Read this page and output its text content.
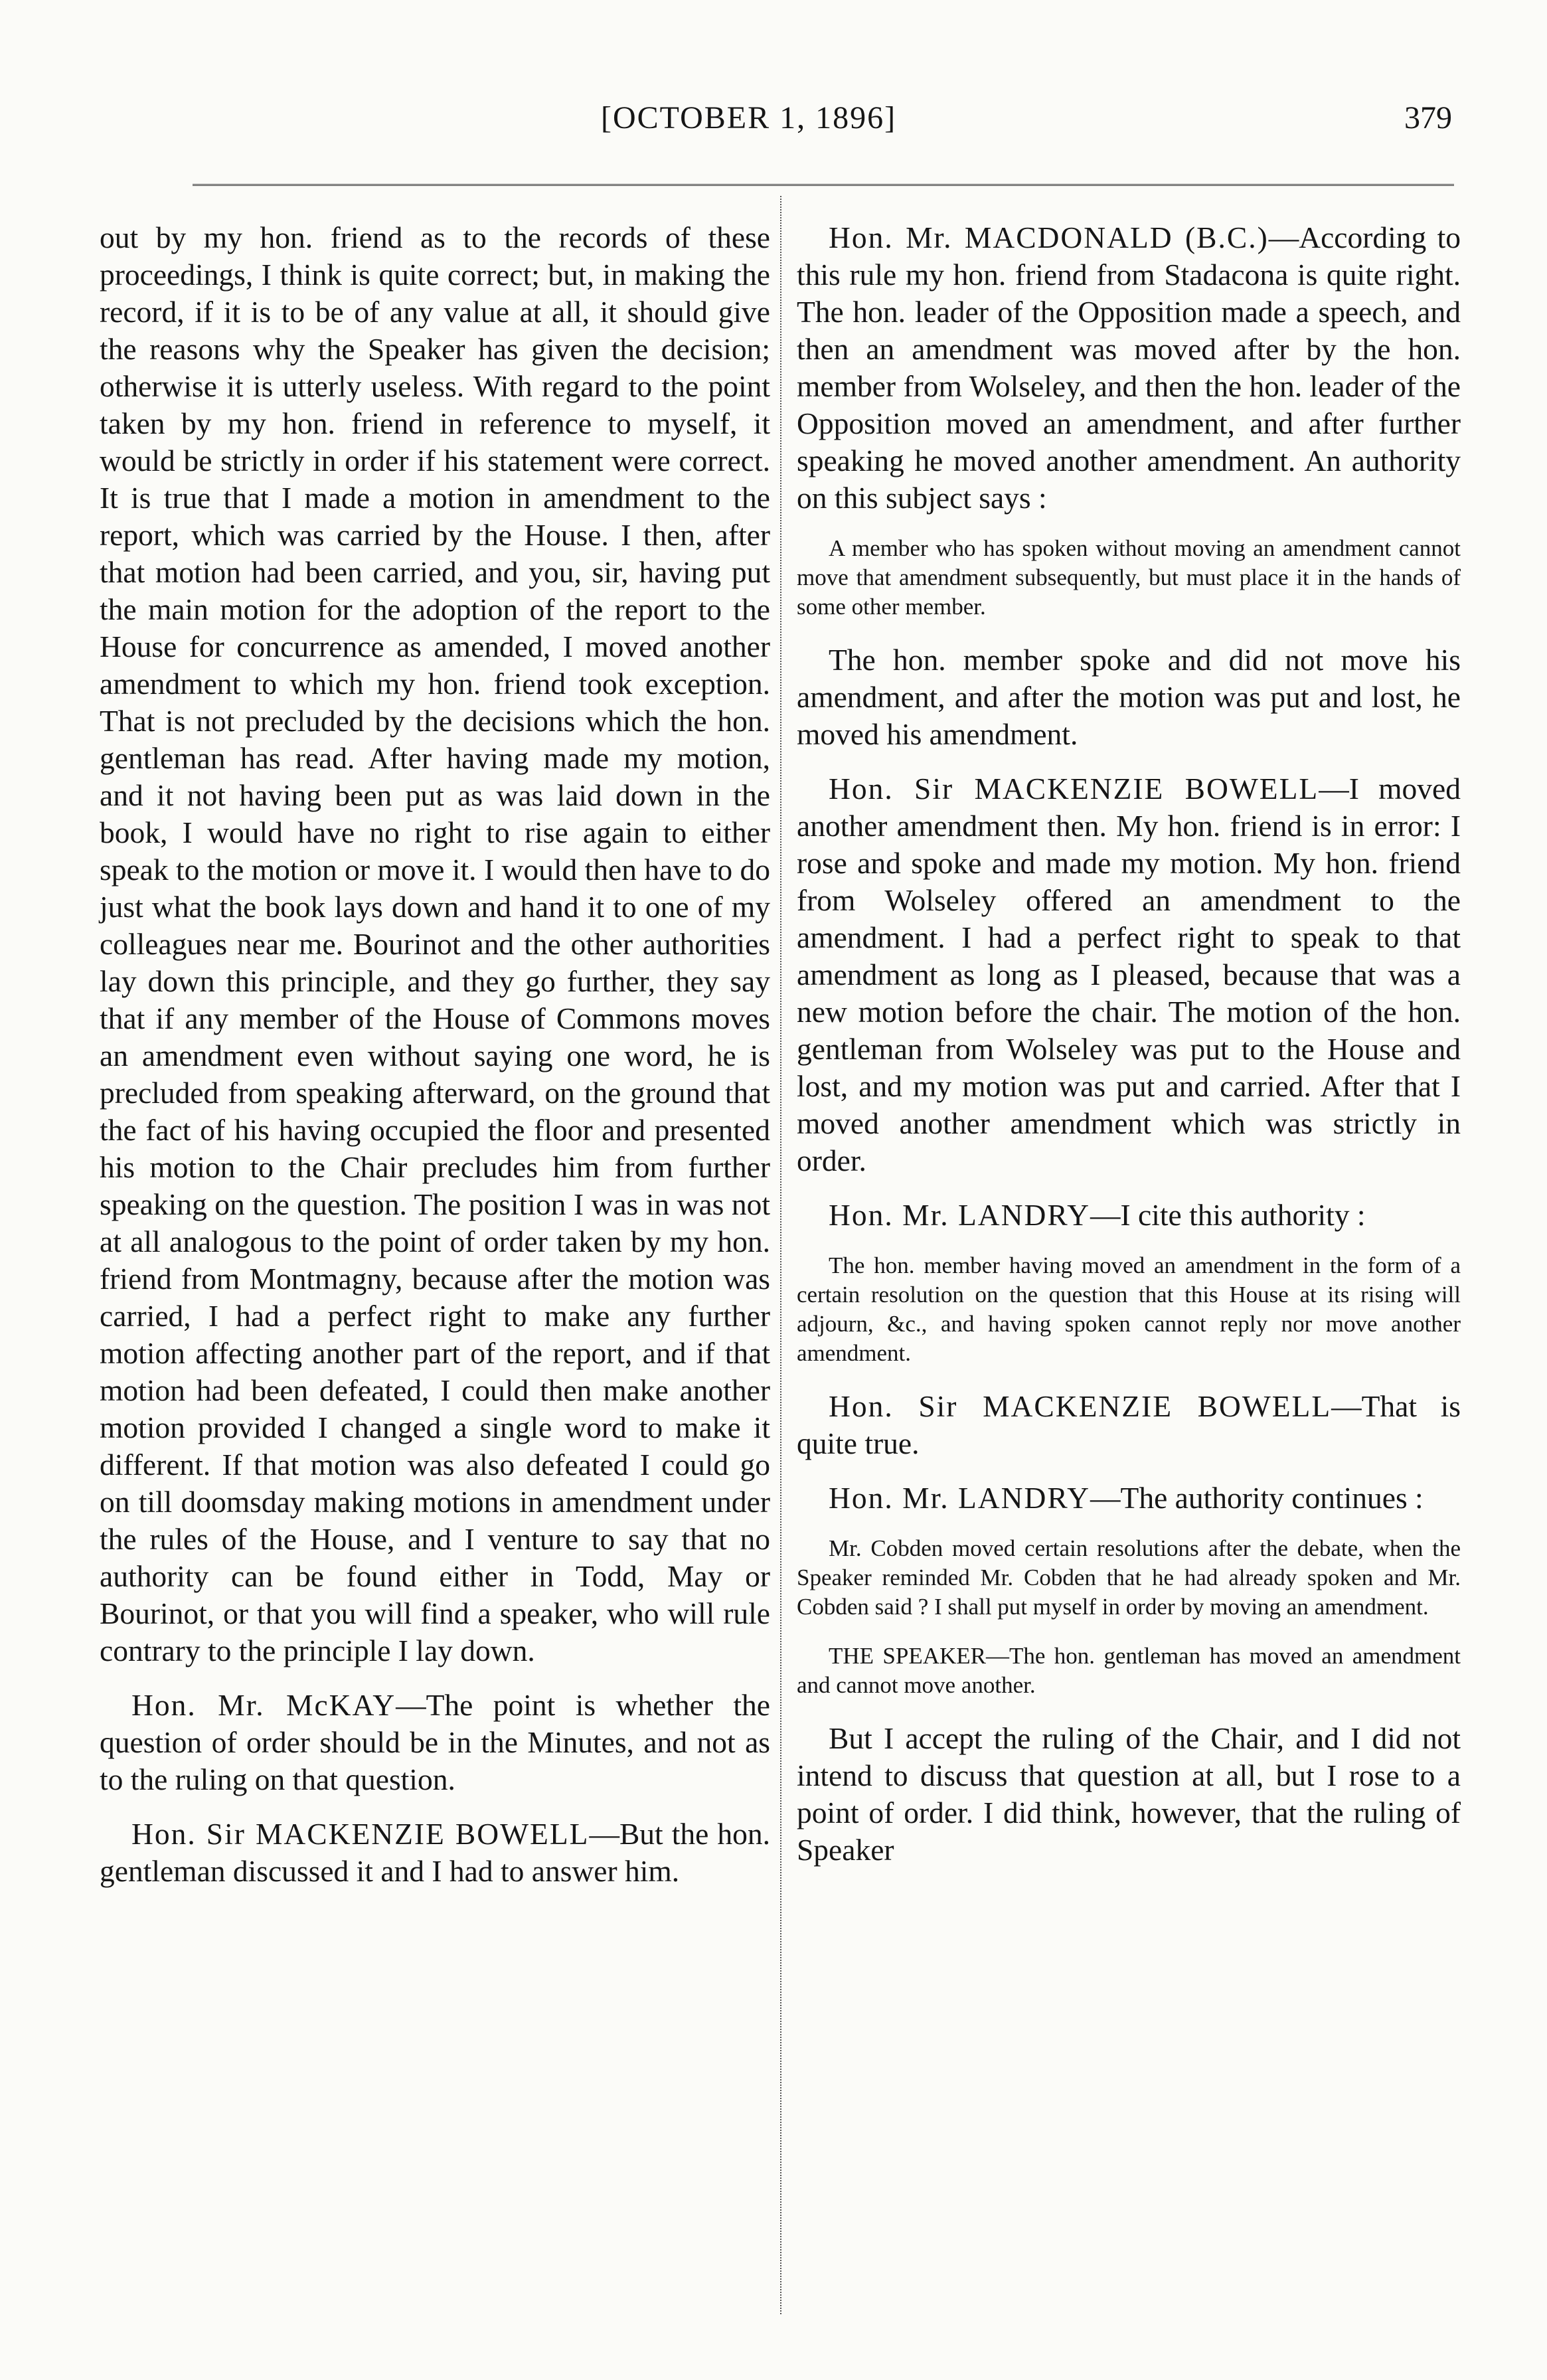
[OCTOBER 1, 1896]	379

out by my hon. friend as to the records of these proceedings, I think is quite correct; but, in making the record, if it is to be of any value at all, it should give the reasons why the Speaker has given the decision; otherwise it is utterly useless. With regard to the point taken by my hon. friend in reference to myself, it would be strictly in order if his statement were correct. It is true that I made a motion in amendment to the report, which was carried by the House. I then, after that motion had been carried, and you, sir, having put the main motion for the adoption of the report to the House for concurrence as amended, I moved another amendment to which my hon. friend took exception. That is not precluded by the decisions which the hon. gentleman has read. After having made my motion, and it not having been put as was laid down in the book, I would have no right to rise again to either speak to the motion or move it. I would then have to do just what the book lays down and hand it to one of my colleagues near me. Bourinot and the other authorities lay down this principle, and they go further, they say that if any member of the House of Commons moves an amendment even without saying one word, he is precluded from speaking afterward, on the ground that the fact of his having occupied the floor and presented his motion to the Chair precludes him from further speaking on the question. The position I was in was not at all analogous to the point of order taken by my hon. friend from Montmagny, because after the motion was carried, I had a perfect right to make any further motion affecting another part of the report, and if that motion had been defeated, I could then make another motion provided I changed a single word to make it different. If that motion was also defeated I could go on till doomsday making motions in amendment under the rules of the House, and I venture to say that no authority can be found either in Todd, May or Bourinot, or that you will find a speaker, who will rule contrary to the principle I lay down.

Hon. Mr. McKAY—The point is whether the question of order should be in the Minutes, and not as to the ruling on that question.

Hon. Sir MACKENZIE BOWELL—But the hon. gentleman discussed it and I had to answer him.

Hon. Mr. MACDONALD (B.C.)—According to this rule my hon. friend from Stadacona is quite right. The hon. leader of the Opposition made a speech, and then an amendment was moved after by the hon. member from Wolseley, and then the hon. leader of the Opposition moved an amendment, and after further speaking he moved another amendment. An authority on this subject says :

A member who has spoken without moving an amendment cannot move that amendment subsequently, but must place it in the hands of some other member.

The hon. member spoke and did not move his amendment, and after the motion was put and lost, he moved his amendment.

Hon. Sir MACKENZIE BOWELL—I moved another amendment then. My hon. friend is in error: I rose and spoke and made my motion. My hon. friend from Wolseley offered an amendment to the amendment. I had a perfect right to speak to that amendment as long as I pleased, because that was a new motion before the chair. The motion of the hon. gentleman from Wolseley was put to the House and lost, and my motion was put and carried. After that I moved another amendment which was strictly in order.

Hon. Mr. LANDRY—I cite this authority :

The hon. member having moved an amendment in the form of a certain resolution on the question that this House at its rising will adjourn, &c., and having spoken cannot reply nor move another amendment.

Hon. Sir MACKENZIE BOWELL—That is quite true.

Hon. Mr. LANDRY—The authority continues :

Mr. Cobden moved certain resolutions after the debate, when the Speaker reminded Mr. Cobden that he had already spoken and Mr. Cobden said ? I shall put myself in order by moving an amendment.
THE SPEAKER—The hon. gentleman has moved an amendment and cannot move another.

But I accept the ruling of the Chair, and I did not intend to discuss that question at all, but I rose to a point of order. I did think, however, that the ruling of Speaker
